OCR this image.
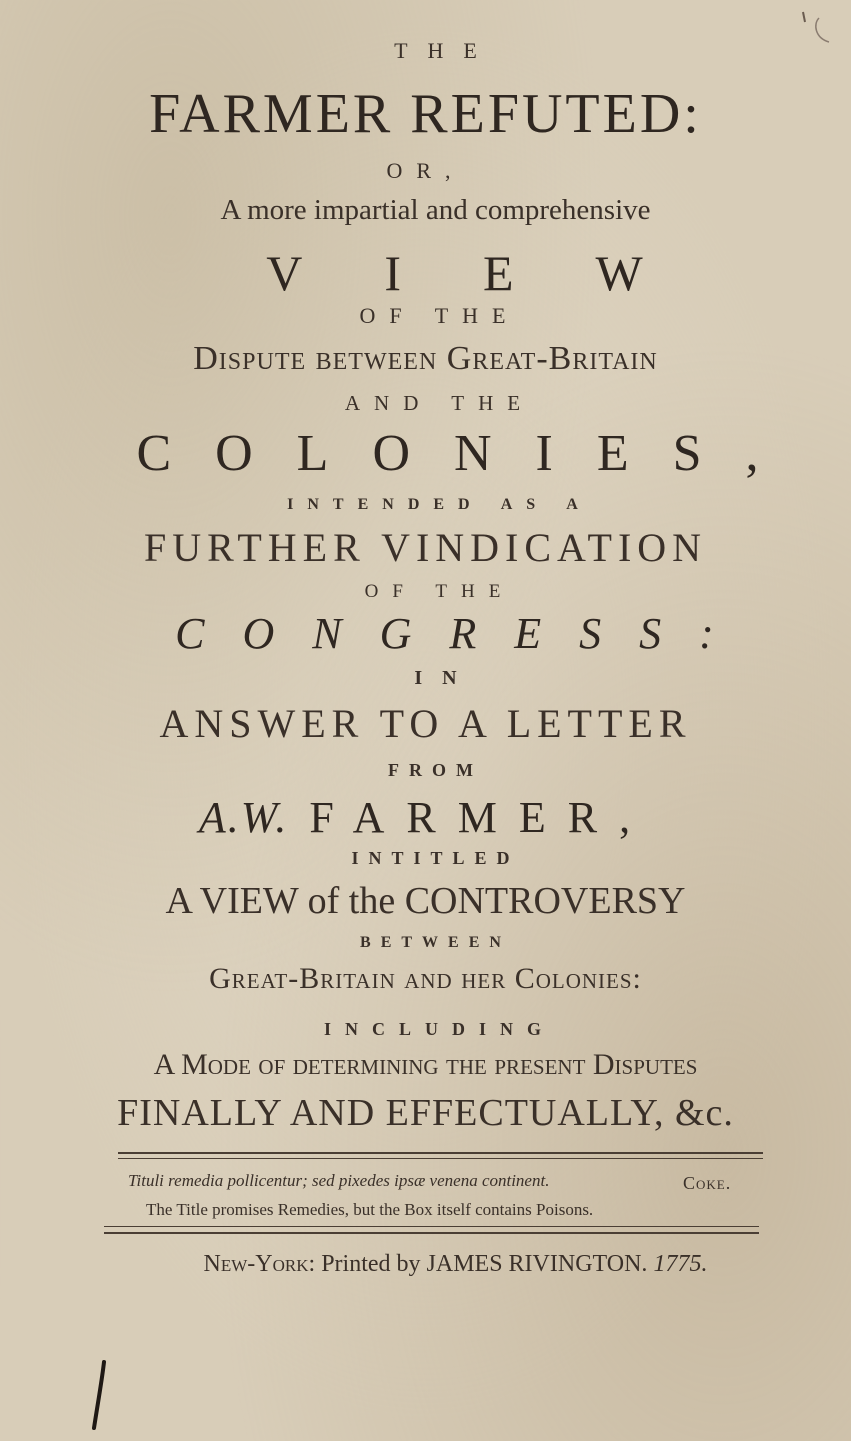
THE
FARMER REFUTED:
OR,
A more impartial and comprehensive
VIEW
OF THE
Dispute between Great-Britain
AND THE
COLONIES,
INTENDED AS A
FURTHER VINDICATION
OF THE
CONGRESS:
IN
ANSWER TO A LETTER
FROM
A.W. FARMER,
INTITLED
A VIEW of the CONTROVERSY
BETWEEN
Great-Britain and her Colonies:
INCLUDING
A Mode of determining the present Disputes
FINALLY AND EFFECTUALLY, &c.
Tituli remedia pollicentur; sed pixedes ipsæ venena continent.	Coke.
The Title promises Remedies, but the Box itself contains Poisons.
New-York: Printed by JAMES RIVINGTON. 1775.
